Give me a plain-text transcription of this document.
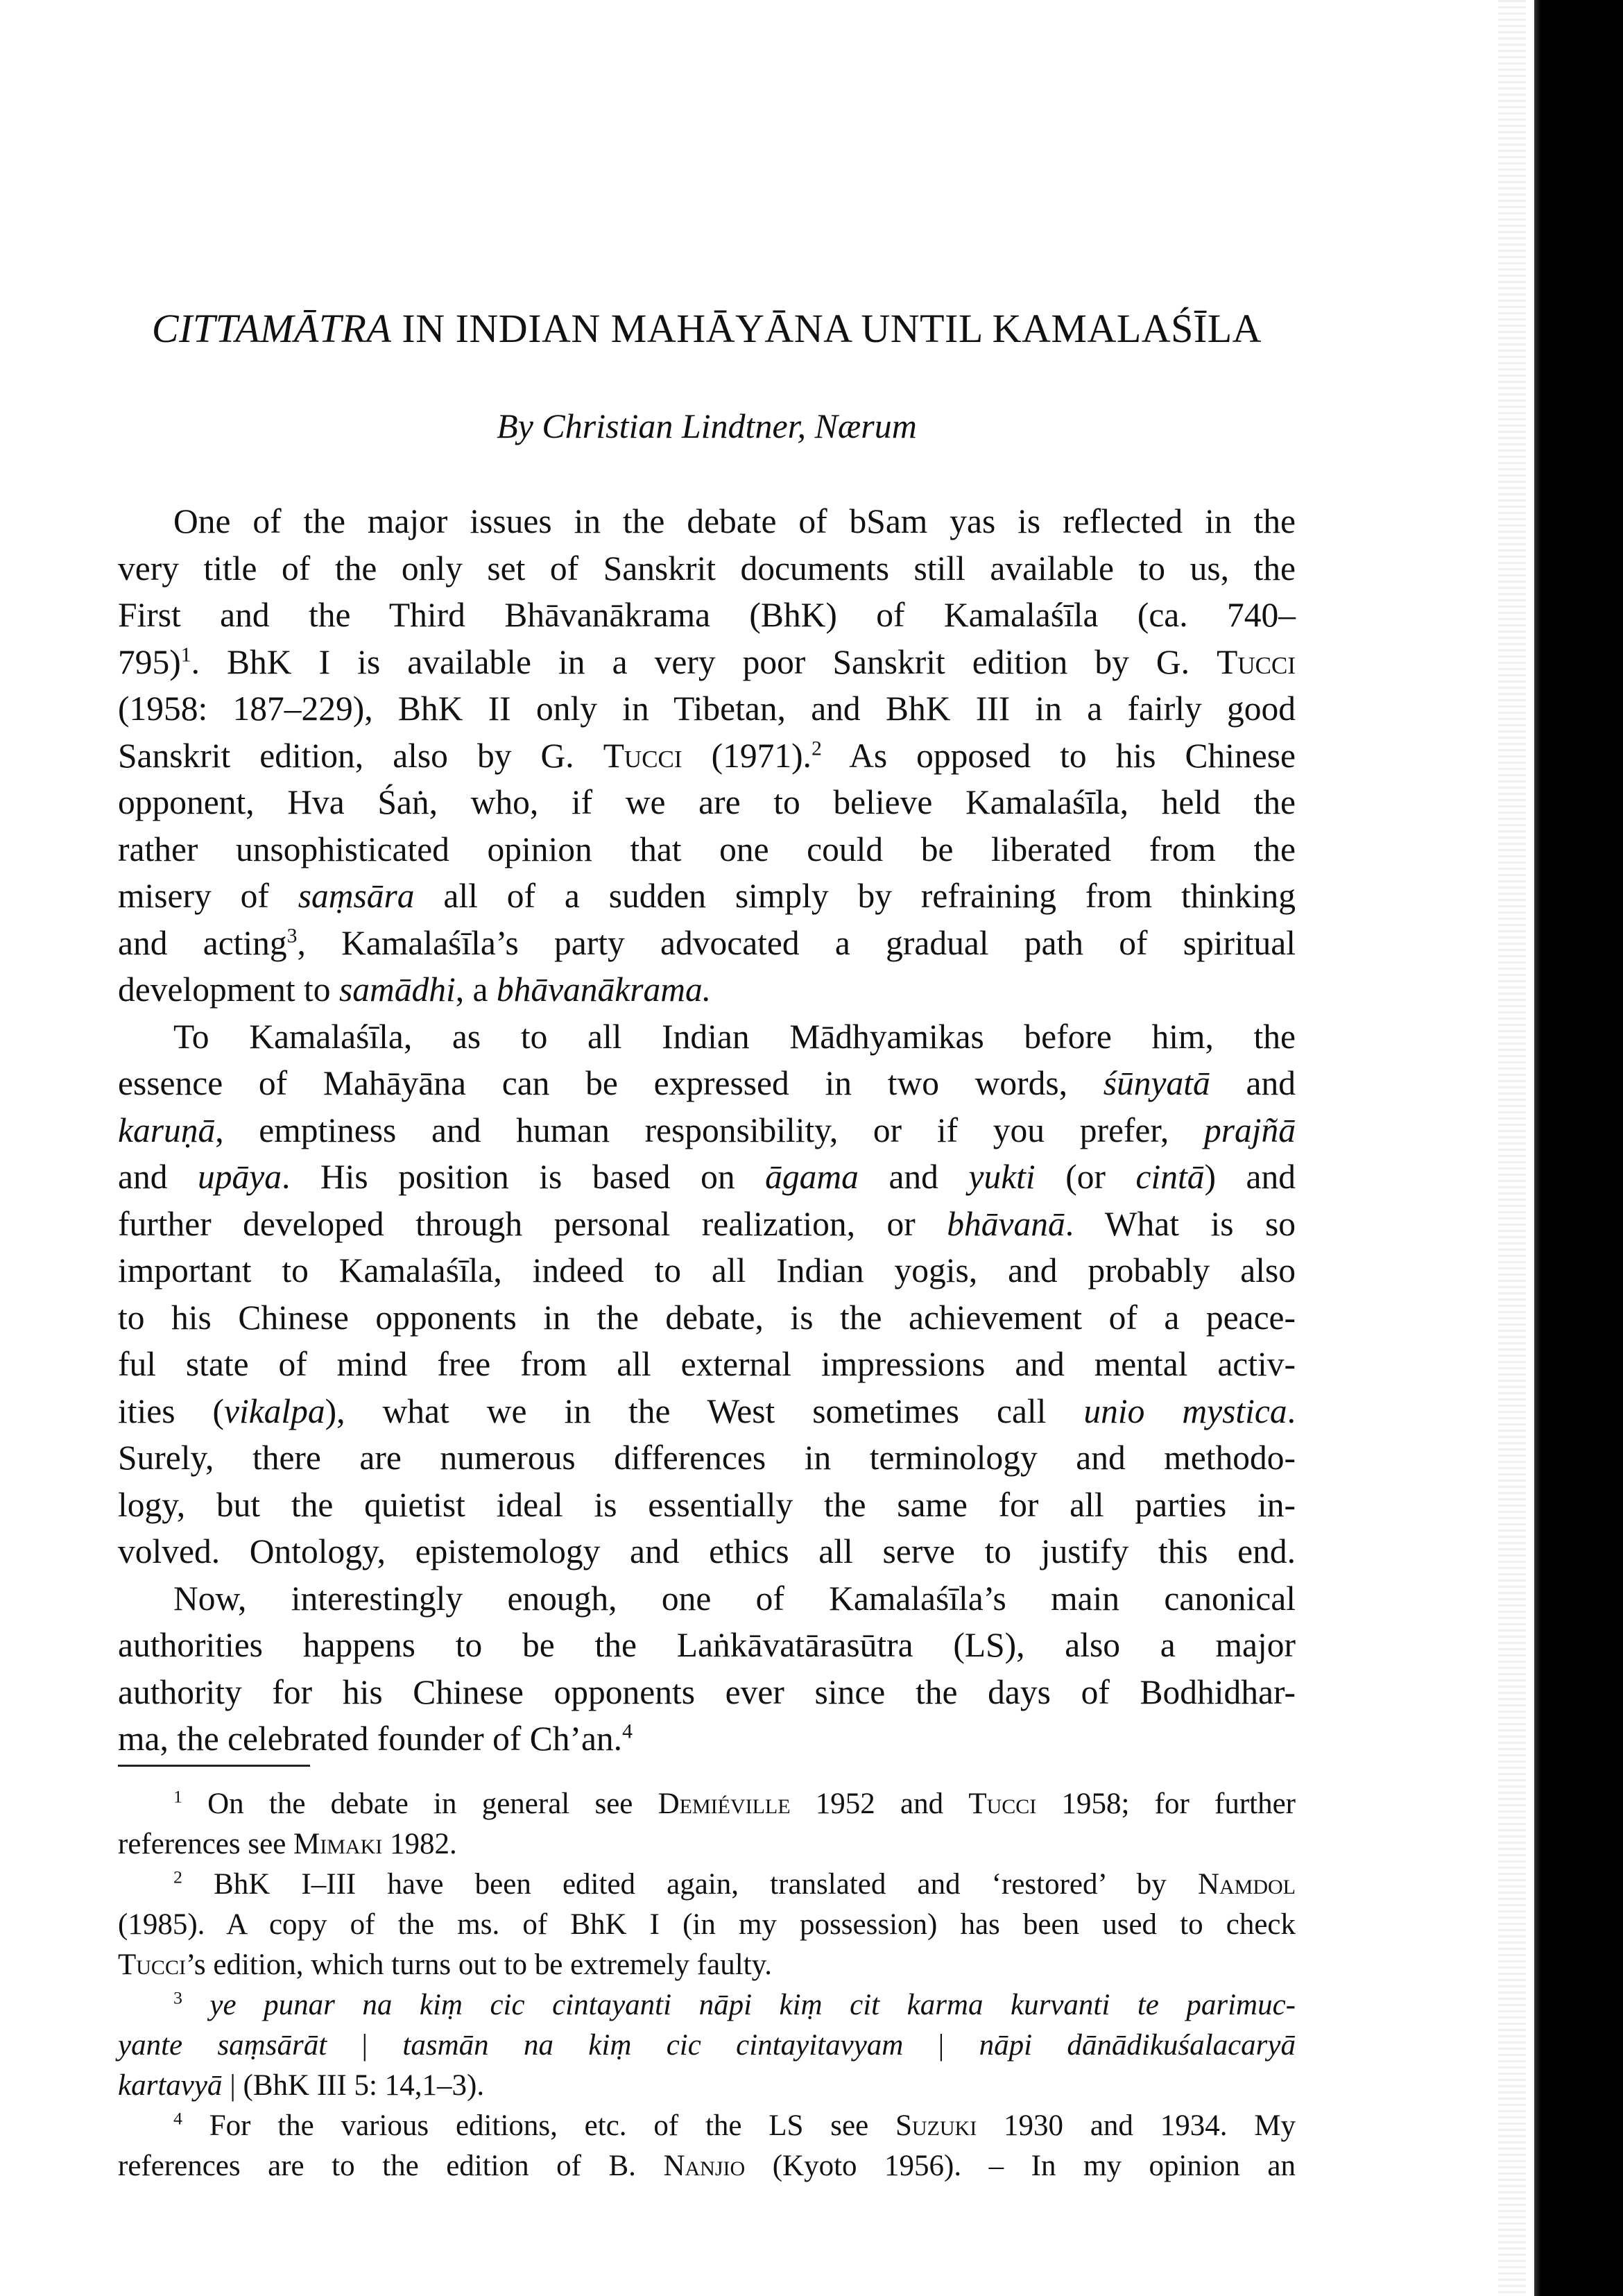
CITTAMĀTRA IN INDIAN MAHĀYĀNA UNTIL KAMALAŚĪLA
By Christian Lindtner, Nærum
One of the major issues in the debate of bSam yas is reflected in the
very title of the only set of Sanskrit documents still available to us, the
First and the Third Bhāvanākrama (BhK) of Kamalaśīla (ca. 740–
795)$^1$. BhK I is available in a very poor Sanskrit edition by G. Tucci
(1958: 187–229), BhK II only in Tibetan, and BhK III in a fairly good
Sanskrit edition, also by G. Tucci (1971).$^2$ As opposed to his Chinese
opponent, Hva Śaṅ, who, if we are to believe Kamalaśīla, held the
rather unsophisticated opinion that one could be liberated from the
misery of saṃsāra all of a sudden simply by refraining from thinking
and acting$^3$, Kamalaśīla’s party advocated a gradual path of spiritual
development to samādhi, a bhāvanākrama.
To Kamalaśīla, as to all Indian Mādhyamikas before him, the
essence of Mahāyāna can be expressed in two words, śūnyatā and
karuṇā, emptiness and human responsibility, or if you prefer, prajñā
and upāya. His position is based on āgama and yukti (or cintā) and
further developed through personal realization, or bhāvanā. What is so
important to Kamalaśīla, indeed to all Indian yogis, and probably also
to his Chinese opponents in the debate, is the achievement of a peace-
ful state of mind free from all external impressions and mental activ-
ities (vikalpa), what we in the West sometimes call unio mystica.
Surely, there are numerous differences in terminology and methodo-
logy, but the quietist ideal is essentially the same for all parties in-
volved. Ontology, epistemology and ethics all serve to justify this end.
Now, interestingly enough, one of Kamalaśīla’s main canonical
authorities happens to be the Laṅkāvatārasūtra (LS), also a major
authority for his Chinese opponents ever since the days of Bodhidhar-
ma, the celebrated founder of Ch’an.$^4$
$^1$ On the debate in general see Demiéville 1952 and Tucci 1958; for further
references see Mimaki 1982.
$^2$ BhK I–III have been edited again, translated and ‘restored’ by Namdol
(1985). A copy of the ms. of BhK I (in my possession) has been used to check
Tucci’s edition, which turns out to be extremely faulty.
$^3$ ye punar na kiṃ cic cintayanti nāpi kiṃ cit karma kurvanti te parimuc-
yante saṃsārāt | tasmān na kiṃ cic cintayitavyam | nāpi dānādikuśalacaryā
kartavyā | (BhK III 5: 14,1–3).
$^4$ For the various editions, etc. of the LS see Suzuki 1930 and 1934. My
references are to the edition of B. Nanjio (Kyoto 1956). – In my opinion an
